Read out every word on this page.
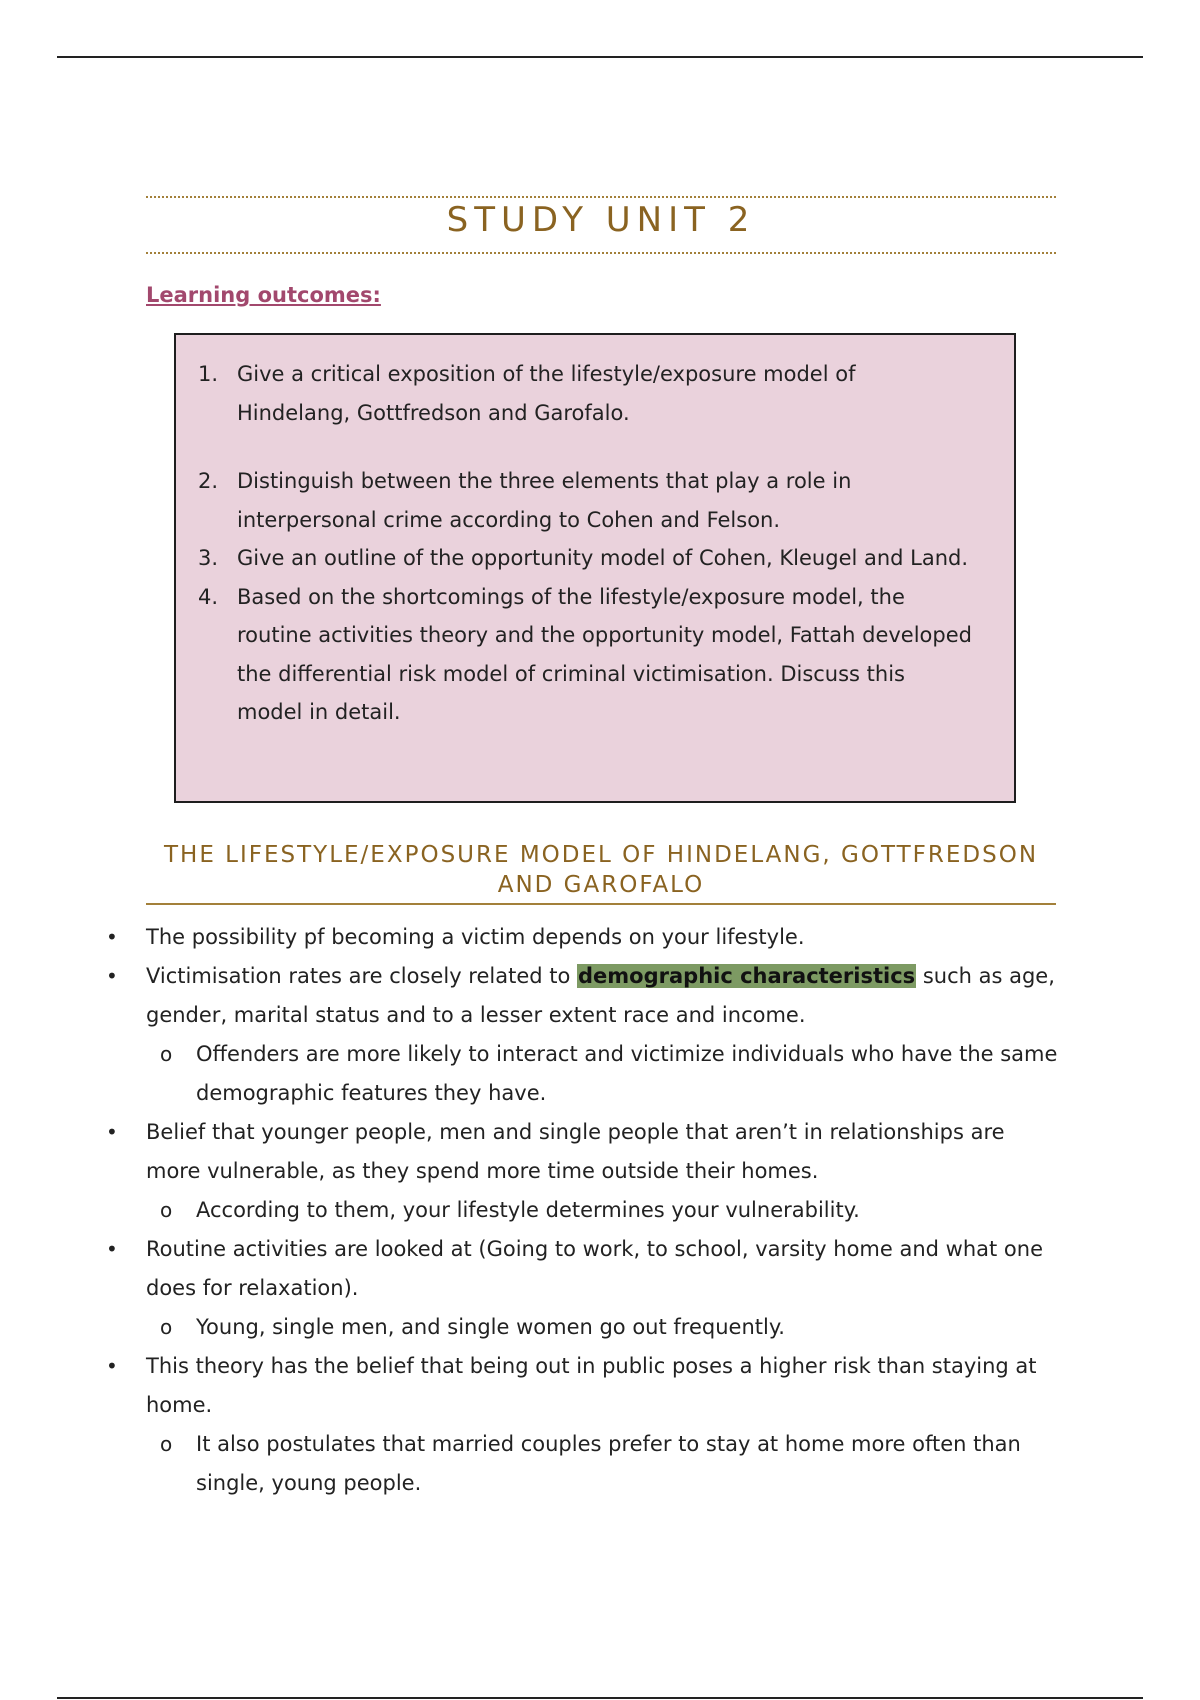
STUDY UNIT 2
Learning outcomes:
1. Give a critical exposition of the lifestyle/exposure model of Hindelang, Gottfredson and Garofalo.
2. Distinguish between the three elements that play a role in interpersonal crime according to Cohen and Felson.
3. Give an outline of the opportunity model of Cohen, Kleugel and Land.
4. Based on the shortcomings of the lifestyle/exposure model, the routine activities theory and the opportunity model, Fattah developed the differential risk model of criminal victimisation. Discuss this model in detail.
THE LIFESTYLE/EXPOSURE MODEL OF HINDELANG, GOTTFREDSON
AND GAROFALO
• The possibility pf becoming a victim depends on your lifestyle.
• Victimisation rates are closely related to demographic characteristics such as age, gender, marital status and to a lesser extent race and income.
o Offenders are more likely to interact and victimize individuals who have the same demographic features they have.
• Belief that younger people, men and single people that aren’t in relationships are more vulnerable, as they spend more time outside their homes.
o According to them, your lifestyle determines your vulnerability.
• Routine activities are looked at (Going to work, to school, varsity home and what one does for relaxation).
o Young, single men, and single women go out frequently.
• This theory has the belief that being out in public poses a higher risk than staying at home.
o It also postulates that married couples prefer to stay at home more often than single, young people.
